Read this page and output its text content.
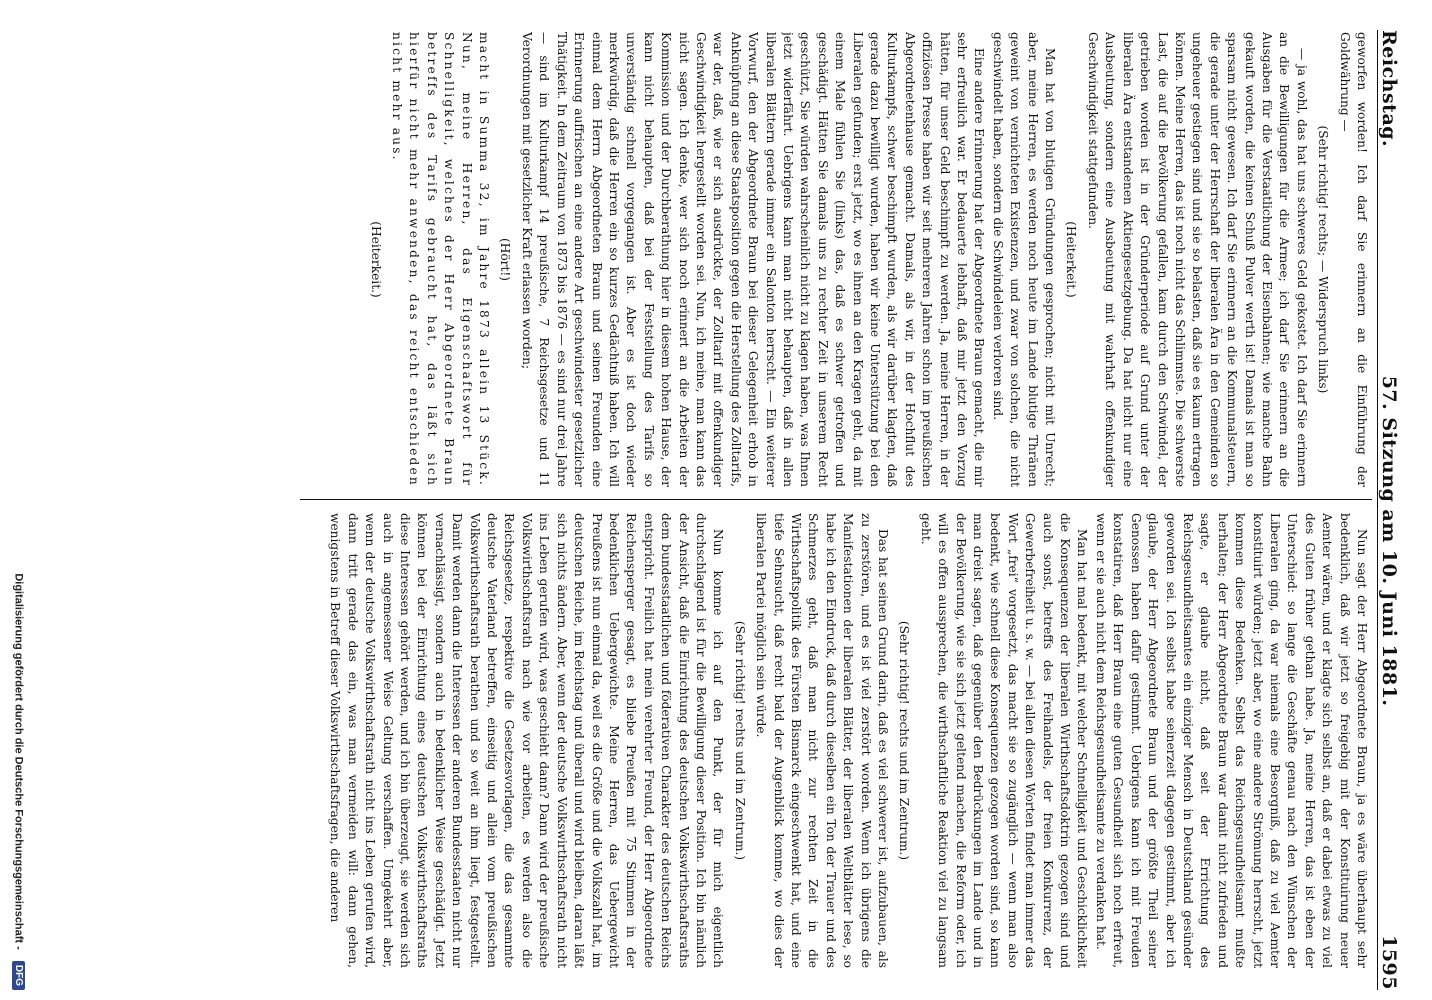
Reichstag.
57. Sitzung am 10. Juni 1881.
1595

geworfen worden! Ich darf Sie erinnern an die Einführung der Goldwährung —

(Sehr richtig! rechts; — Widerspruch links)

— ja wohl, das hat uns schweres Geld gekostet. Ich darf Sie erinnern an die Bewilligungen für die Armee; ich darf Sie erinnern an die Ausgaben für die Verstaatlichung der Eisenbahnen; wie manche Bahn gekauft worden, die keinen Schuß Pulver werth ist! Damals ist man so sparsam nicht gewesen. Ich darf Sie erinnern an die Kommunalsteuern, die gerade unter der Herrschaft der liberalen Ära in den Gemeinden so ungeheuer gestiegen sind und sie so belasten, daß sie es kaum ertragen können. Meine Herren, das ist noch nicht das Schlimmste. Die schwerste Last, die auf die Bevölkerung gefallen, kam durch den Schwindel, der getrieben worden ist in der Gründerperiode auf Grund unter der liberalen Ära entstandenen Aktiengesetzgebung. Da hat nicht nur eine Ausbeutung, sondern eine Ausbeutung mit wahrhaft offenkundiger Geschwindigkeit stattgefunden.

(Heiterkeit.)

Man hat von blutigen Gründungen gesprochen; nicht mit Unrecht; aber, meine Herren, es werden noch heute im Lande blutige Thränen geweint von vernichteten Existenzen, und zwar von solchen, die nicht geschwindelt haben, sondern die Schwindeleien verloren sind.

Eine andere Erinnerung hat der Abgeordnete Braun gemacht, die mir sehr erfreulich war. Er bedauerte lebhaft, daß mir jetzt den Vorzug hätten, für unser Geld beschimpft zu werden. Ja, meine Herren, in der offiziösen Presse haben wir seit mehreren Jahren schon im preußischen Abgeordnetenhause gemacht. Damals, als wir, in der Hochflut des Kulturkampfs, schwer beschimpft wurden, als wir darüber klagten, daß gerade dazu bewilligt wurden, haben wir keine Unterstützung bei den Liberalen gefunden; erst jetzt, wo es ihnen an den Kragen geht, da mit einem Male fühlen Sie (links) das, daß es schwer getroffen und geschädigt. Hätten Sie damals uns zu rechter Zeit in unserem Recht geschützt, Sie würden wahrscheinlich nicht zu klagen haben, was Ihnen jetzt widerfährt. Uebrigens kann man nicht behaupten, daß in allen liberalen Blättern gerade immer ein Salonton herrscht. — Ein weiterer Vorwurf, den der Abgeordnete Braun bei dieser Gelegenheit erhob in Anknüpfung an diese Staatsposition gegen die Herstellung des Zolltarifs, war der, daß, wie er sich ausdrückte, der Zolltarif mit offenkundiger Geschwindigkeit hergestellt worden sei. Nun, ich meine, man kann das nicht sagen. Ich denke, wer sich noch erinnert an die Arbeiten der Kommission und der Durchberathung hier in diesem hohen Hause, der kann nicht behaupten, daß bei der Feststellung des Tarifs so unverständig schnell vorgegangen ist. Aber es ist doch wieder merkwürdig, daß die Herren ein so kurzes Gedächtniß haben. Ich will einmal dem Herrn Abgeordneten Braun und seinen Freunden eine Erinnerung auffrischen an eine andere Art geschwindester gesetzlicher Thätigkeit. In dem Zeitraum von 1873 bis 1876 — es sind nur drei Jahre — sind im Kulturkampf 14 preußische, 7 Reichsgesetze und 11 Verordnungen mit gesetzlicher Kraft erlassen worden;

(Hört!)

macht in Summa 32, im Jahre 1873 allein 13 Stück. Nun, meine Herren, das Eigenschaftswort für Schnelligkeit, welches der Herr Abgeordnete Braun betreffs des Tarifs gebraucht hat, das läßt sich hierfür nicht mehr anwenden, das reicht entschieden nicht mehr aus.

(Heiterkeit.)

Nun sagt der Herr Abgeordnete Braun, ja es wäre überhaupt sehr bedenklich, daß wir jetzt so freigebig mit der Konstituirung neuer Aemter wären, und er klagte sich selbst an, daß er dabei etwas zu viel des Guten früher gethan habe. Ja, meine Herren, das ist eben der Unterschied: so lange die Geschäfte genau nach den Wünschen der Liberalen ging, da war niemals eine Besorgniß, daß zu viel Aemter konstituirt würden; jetzt aber, wo eine andere Strömung herrscht, jetzt kommen diese Bedenken. Selbst das Reichsgesundheitsamt mußte herhalten; der Herr Abgeordnete Braun war damit nicht zufrieden und sagte, er glaube nicht, daß seit der Errichtung des Reichsgesundheitsamtes ein einziger Mensch in Deutschland gesünder geworden sei. Ich selbst habe seinerzeit dagegen gestimmt, aber ich glaube, der Herr Abgeordnete Braun und der größte Theil seiner Genossen haben dafür gestimmt. Uebrigens kann ich mit Freuden konstatiren, daß Herr Braun eine guten Gesundheit sich noch erfreut, wenn er sie auch nicht dem Reichsgesundheitsamte zu verdanken hat.

Man hat mal bedenkt, mit welcher Schnelligkeit und Geschicklichkeit die Konsequenzen der liberalen Wirthschaftsdoktrin gezogen sind und auch sonst, betreffs des Freihandels, der freien Konkurrenz, der Gewerbefreiheit u. s. w. — bei allen diesen Worten findet man immer das Wort „frei“ vorgesetzt, das macht sie so zugänglich — wenn man also bedenkt, wie schnell diese Konsequenzen gezogen worden sind, so kann man dreist sagen, daß gegenüber den Bedrückungen im Lande und in der Bevölkerung, wie sie sich jetzt geltend machen, die Reform oder, ich will es offen aussprechen, die wirthschaftliche Reaktion viel zu langsam geht.

(Sehr richtig! rechts und im Zentrum.)

Das hat seinen Grund darin, daß es viel schwerer ist, aufzubauen, als zu zerstören, und es ist viel zerstört worden. Wenn ich übrigens die Manifestationen der liberalen Blätter, der liberalen Weltblätter lese, so habe ich den Eindruck, daß durch dieselben ein Ton der Trauer und des Schmerzes geht, daß man nicht zur rechten Zeit in die Wirthschaftspolitik des Fürsten Bismarck eingeschwenkt hat, und eine tiefe Sehnsucht, daß recht bald der Augenblick komme, wo dies der liberalen Partei möglich sein würde.

(Sehr richtig! rechts und im Zentrum.)

Nun komme ich auf den Punkt, der für mich eigentlich durchschlagend ist für die Bewilligung dieser Position. Ich bin nämlich der Ansicht, daß die Einrichtung des deutschen Volkswirthschaftsraths dem bundesstaatlichen und föderativen Charakter des deutschen Reichs entspricht. Freilich hat mein verehrter Freund, der Herr Abgeordnete Reichensperger gesagt, es bliebe Preußen mit 75 Stimmen in der bedenklichen Uebergewichte. Meine Herren, das Uebergewicht Preußens ist nun einmal da, weil es die Größe und die Volkszahl hat, im deutschen Reiche, im Reichstag und überall und wird bleiben, daran läßt sich nichts ändern. Aber, wenn der deutsche Volkswirthschaftsrath nicht ins Leben gerufen wird, was geschieht dann? Dann wird der preußische Volkswirthschaftsrath nach wie vor arbeiten, es werden also die Reichsgesetze, respektive die Gesetzesvorlagen, die das gesammte deutsche Vaterland betreffen, einseitig und allein vom preußischen Volkswirthschaftsrath berathen und so weit an ihm liegt, festgestellt. Damit werden dann die Interessen der anderen Bundesstaaten nicht nur vernachlässigt, sondern auch in bedenklicher Weise geschädigt. Jetzt können bei der Einrichtung eines deutschen Volkswirthschaftsraths diese Interessen gehört werden, und ich bin überzeugt, sie werden sich auch in angemessener Weise Geltung verschaffen. Umgekehrt aber, wenn der deutsche Volkswirthschaftsrath nicht ins Leben gerufen wird, dann tritt gerade das ein, was man vermeiden will: dann gehen, wenigstens in Betreff dieser Volkswirthschaftsfragen, die anderen

Digitalisierung gefördert durch die Deutsche Forschungsgemeinschaft - DFG
